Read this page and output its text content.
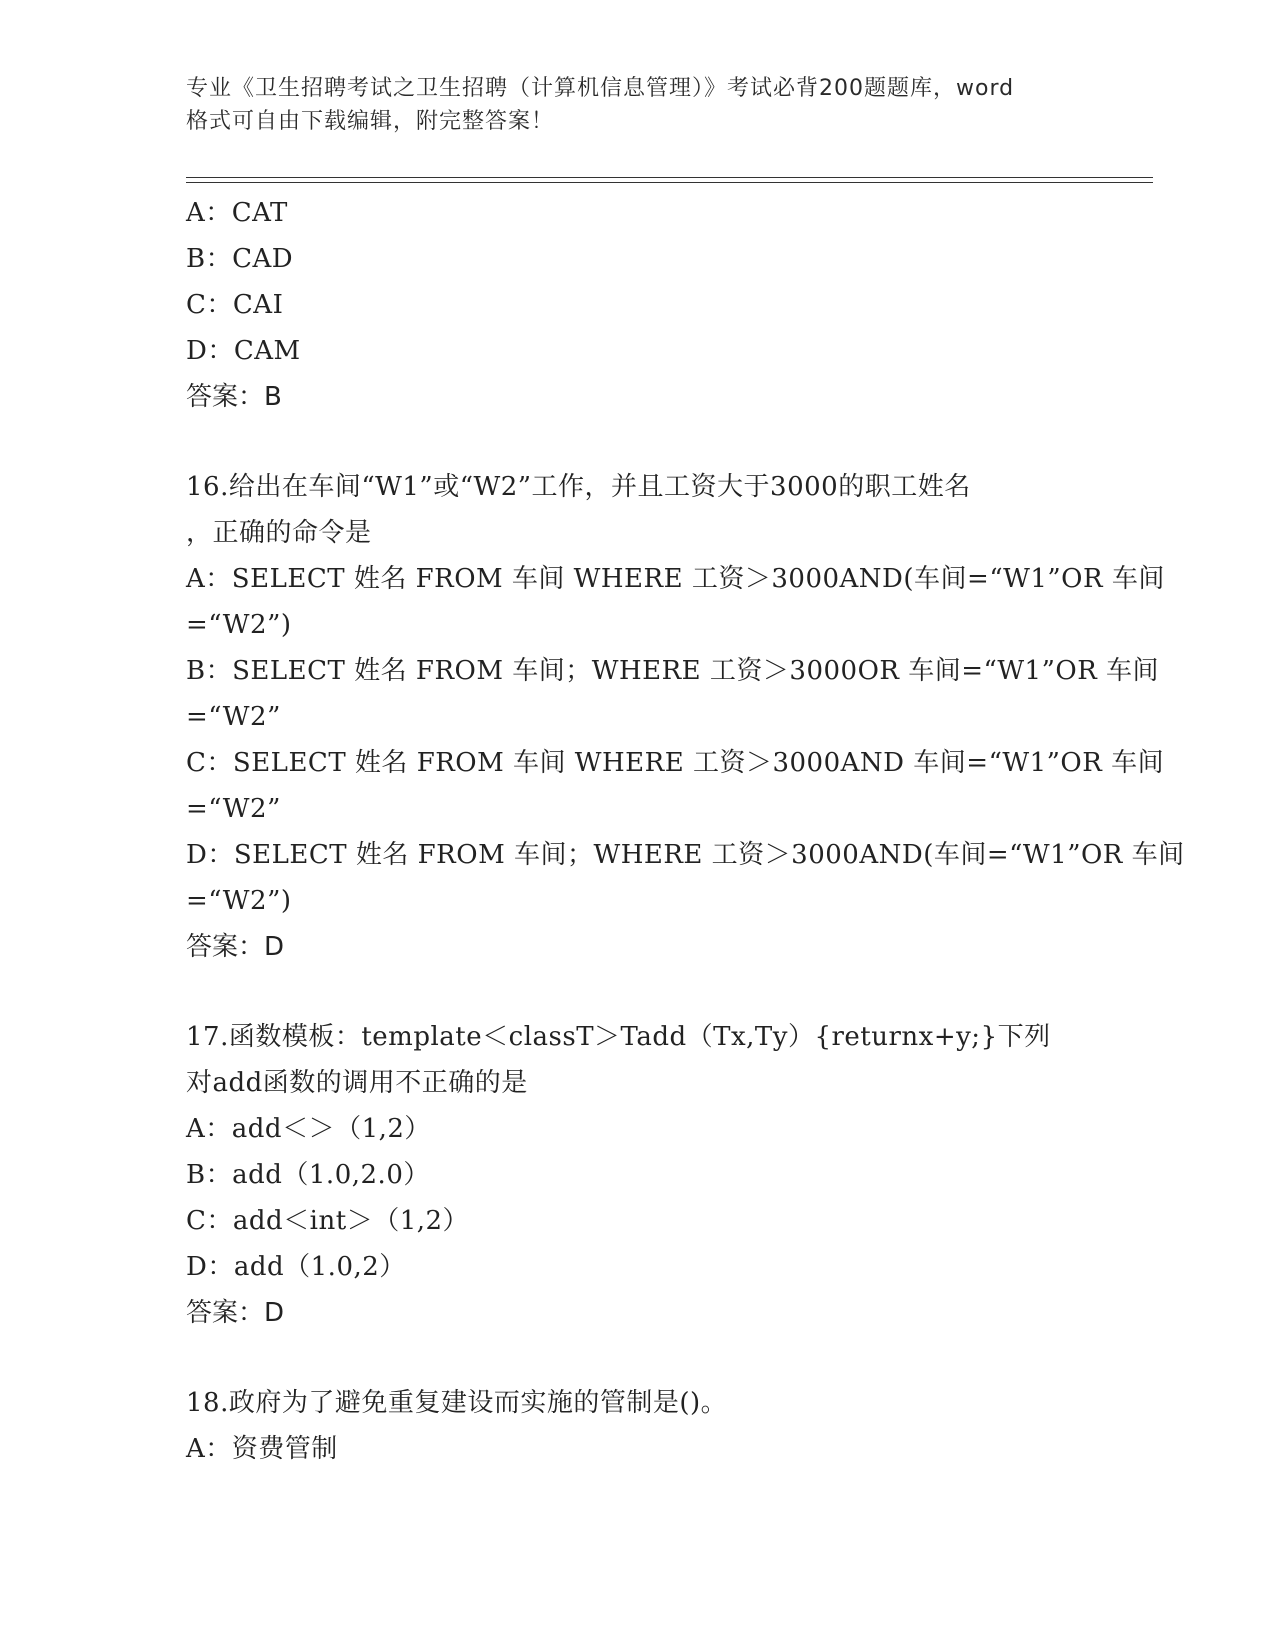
专业《卫生招聘考试之卫生招聘（计算机信息管理）》考试必背200题题库，word
格式可自由下载编辑，附完整答案！
A：CAT
B：CAD
C：CAI
D：CAM
答案：B
16.给出在车间“W1”或“W2”工作，并且工资大于3000的职工姓名
，正确的命令是
A：SELECT 姓名 FROM 车间 WHERE 工资＞3000AND(车间=“W1”OR 车间
=“W2”)
B：SELECT 姓名 FROM 车间；WHERE 工资＞3000OR 车间=“W1”OR 车间
=“W2”
C：SELECT 姓名 FROM 车间 WHERE 工资＞3000AND 车间=“W1”OR 车间
=“W2”
D：SELECT 姓名 FROM 车间；WHERE 工资＞3000AND(车间=“W1”OR 车间
=“W2”)
答案：D
17.函数模板：template＜classT＞Tadd（Tx,Ty）{returnx+y;}下列
对add函数的调用不正确的是
A：add＜＞（1,2）
B：add（1.0,2.0）
C：add＜int＞（1,2）
D：add（1.0,2）
答案：D
18.政府为了避免重复建设而实施的管制是()。
A：资费管制
